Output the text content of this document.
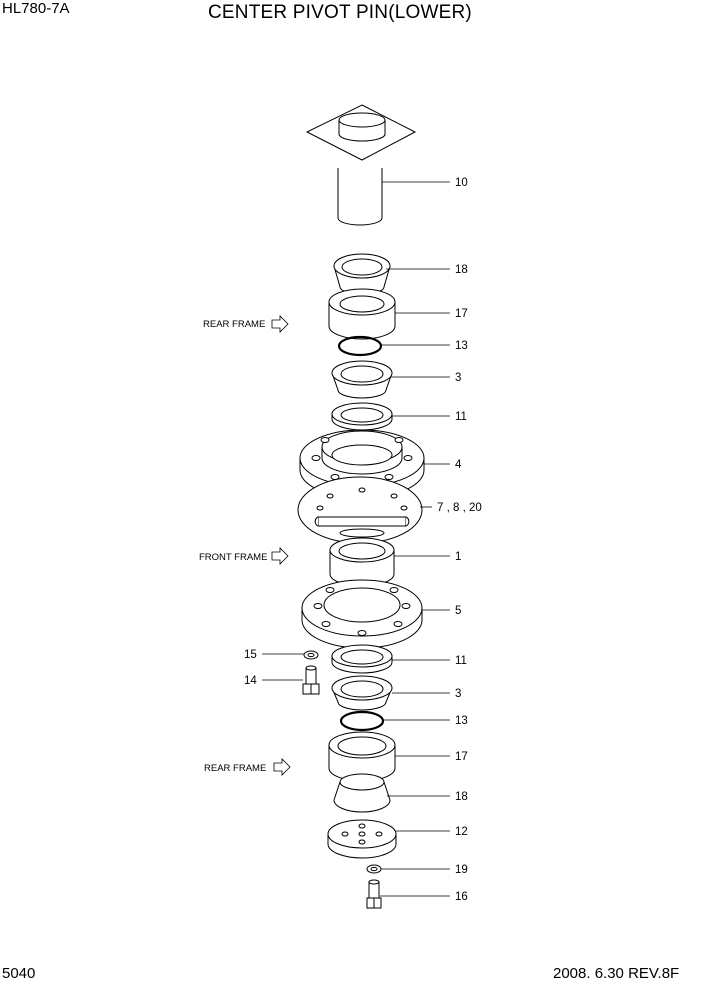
HL780-7A	CENTER PIVOT PIN(LOWER)
5040	2008. 6.30 REV.8F
10
18
17
13
3
11
4
7 , 8 , 20
1
5
15	11
14
3
13
17
18
12
19
16
REAR FRAME
FRONT FRAME
REAR FRAME
